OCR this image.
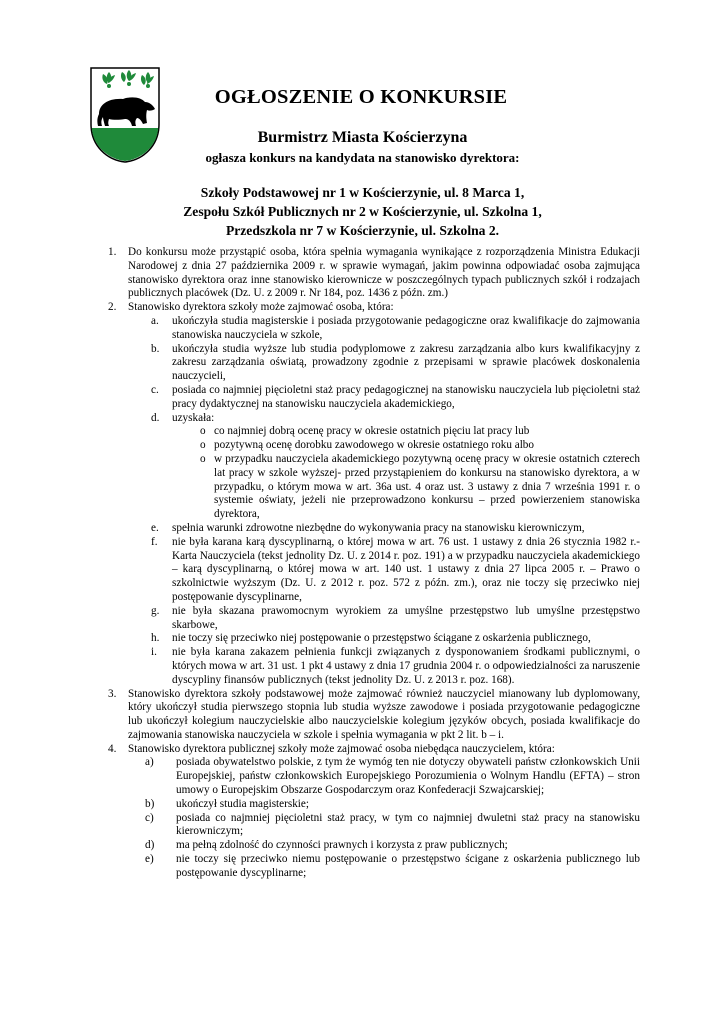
OGŁOSZENIE O KONKURSIE
Burmistrz Miasta Kościerzyna
ogłasza konkurs na kandydata na stanowisko dyrektora:
Szkoły Podstawowej nr 1 w Kościerzynie, ul. 8 Marca 1,
Zespołu Szkół Publicznych nr 2 w Kościerzynie, ul. Szkolna 1,
Przedszkola nr 7 w Kościerzynie, ul. Szkolna 2.
1. Do konkursu może przystąpić osoba, która spełnia wymagania wynikające z rozporządzenia Ministra Edukacji Narodowej z dnia 27 października 2009 r. w sprawie wymagań, jakim powinna odpowiadać osoba zajmująca stanowisko dyrektora oraz inne stanowisko kierownicze w poszczególnych typach publicznych szkół i rodzajach publicznych placówek (Dz. U. z 2009 r. Nr 184, poz. 1436 z późn. zm.)
2. Stanowisko dyrektora szkoły może zajmować osoba, która:
a. ukończyła studia magisterskie i posiada przygotowanie pedagogiczne oraz kwalifikacje do zajmowania stanowiska nauczyciela w szkole,
b. ukończyła studia wyższe lub studia podyplomowe z zakresu zarządzania albo kurs kwalifikacyjny z zakresu zarządzania oświatą, prowadzony zgodnie z przepisami w sprawie placówek doskonalenia nauczycieli,
c. posiada co najmniej pięcioletni staż pracy pedagogicznej na stanowisku nauczyciela lub pięcioletni staż pracy dydaktycznej na stanowisku nauczyciela akademickiego,
d. uzyskała:
o co najmniej dobrą ocenę pracy w okresie ostatnich pięciu lat pracy lub
o pozytywną ocenę dorobku zawodowego w okresie ostatniego roku albo
o w przypadku nauczyciela akademickiego pozytywną ocenę pracy w okresie ostatnich czterech lat pracy w szkole wyższej- przed przystąpieniem do konkursu na stanowisko dyrektora, a w przypadku, o którym mowa w art. 36a ust. 4 oraz ust. 3 ustawy z dnia 7 września 1991 r. o systemie oświaty, jeżeli nie przeprowadzono konkursu – przed powierzeniem stanowiska dyrektora,
e. spełnia warunki zdrowotne niezbędne do wykonywania pracy na stanowisku kierowniczym,
f. nie była karana karą dyscyplinarną, o której mowa w art. 76 ust. 1 ustawy z dnia 26 stycznia 1982 r.- Karta Nauczyciela (tekst jednolity Dz. U. z 2014 r. poz. 191) a w przypadku nauczyciela akademickiego – karą dyscyplinarną, o której mowa w art. 140 ust. 1 ustawy z dnia 27 lipca 2005 r. – Prawo o szkolnictwie wyższym (Dz. U. z 2012 r. poz. 572 z późn. zm.), oraz nie toczy się przeciwko niej postępowanie dyscyplinarne,
g. nie była skazana prawomocnym wyrokiem za umyślne przestępstwo lub umyślne przestępstwo skarbowe,
h. nie toczy się przeciwko niej postępowanie o przestępstwo ściągane z oskarżenia publicznego,
i. nie była karana zakazem pełnienia funkcji związanych z dysponowaniem środkami publicznymi, o których mowa w art. 31 ust. 1 pkt 4 ustawy z dnia 17 grudnia 2004 r. o odpowiedzialności za naruszenie dyscypliny finansów publicznych (tekst jednolity Dz. U. z 2013 r. poz. 168).
3. Stanowisko dyrektora szkoły podstawowej może zajmować również nauczyciel mianowany lub dyplomowany, który ukończył studia pierwszego stopnia lub studia wyższe zawodowe i posiada przygotowanie pedagogiczne lub ukończył kolegium nauczycielskie albo nauczycielskie kolegium języków obcych, posiada kwalifikacje do zajmowania stanowiska nauczyciela w szkole i spełnia wymagania w pkt 2 lit. b – i.
4. Stanowisko dyrektora publicznej szkoły może zajmować osoba niebędąca nauczycielem, która:
a) posiada obywatelstwo polskie, z tym że wymóg ten nie dotyczy obywateli państw członkowskich Unii Europejskiej, państw członkowskich Europejskiego Porozumienia o Wolnym Handlu (EFTA) – stron umowy o Europejskim Obszarze Gospodarczym oraz Konfederacji Szwajcarskiej;
b) ukończył studia magisterskie;
c) posiada co najmniej pięcioletni staż pracy, w tym co najmniej dwuletni staż pracy na stanowisku kierowniczym;
d) ma pełną zdolność do czynności prawnych i korzysta z praw publicznych;
e) nie toczy się przeciwko niemu postępowanie o przestępstwo ścigane z oskarżenia publicznego lub postępowanie dyscyplinarne;
